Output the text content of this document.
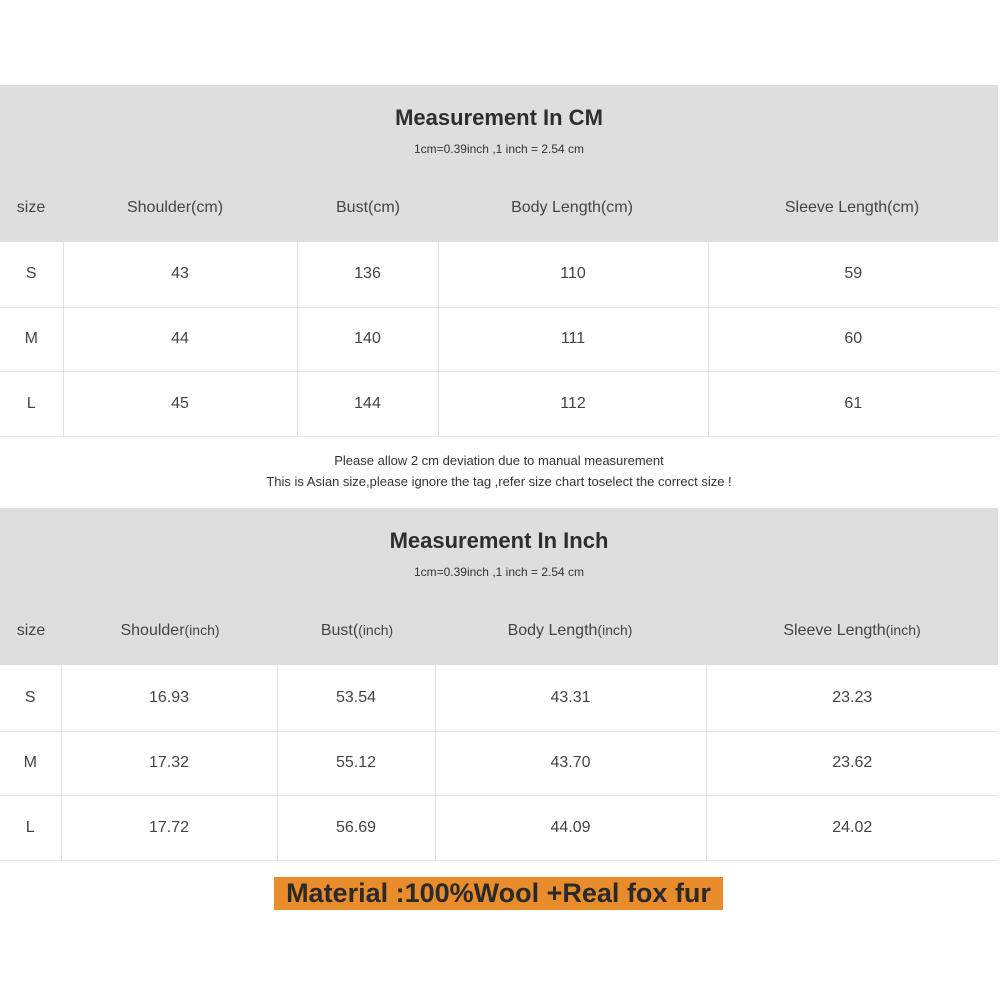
Measurement In CM
1cm=0.39inch ,1 inch = 2.54 cm
size	Shoulder(cm)	Bust(cm)	Body Length(cm)	Sleeve Length(cm)
S	43	136	110	59
M	44	140	111	60
L	45	144	112	61
Please allow 2 cm deviation due to manual measurement
This is Asian size,please ignore the tag ,refer size chart toselect the correct size !
Measurement In Inch
1cm=0.39inch ,1 inch = 2.54 cm
size	Shoulder(inch)	Bust((inch)	Body Length(inch)	Sleeve Length(inch)
S	16.93	53.54	43.31	23.23
M	17.32	55.12	43.70	23.62
L	17.72	56.69	44.09	24.02
Material :100%Wool +Real fox fur
